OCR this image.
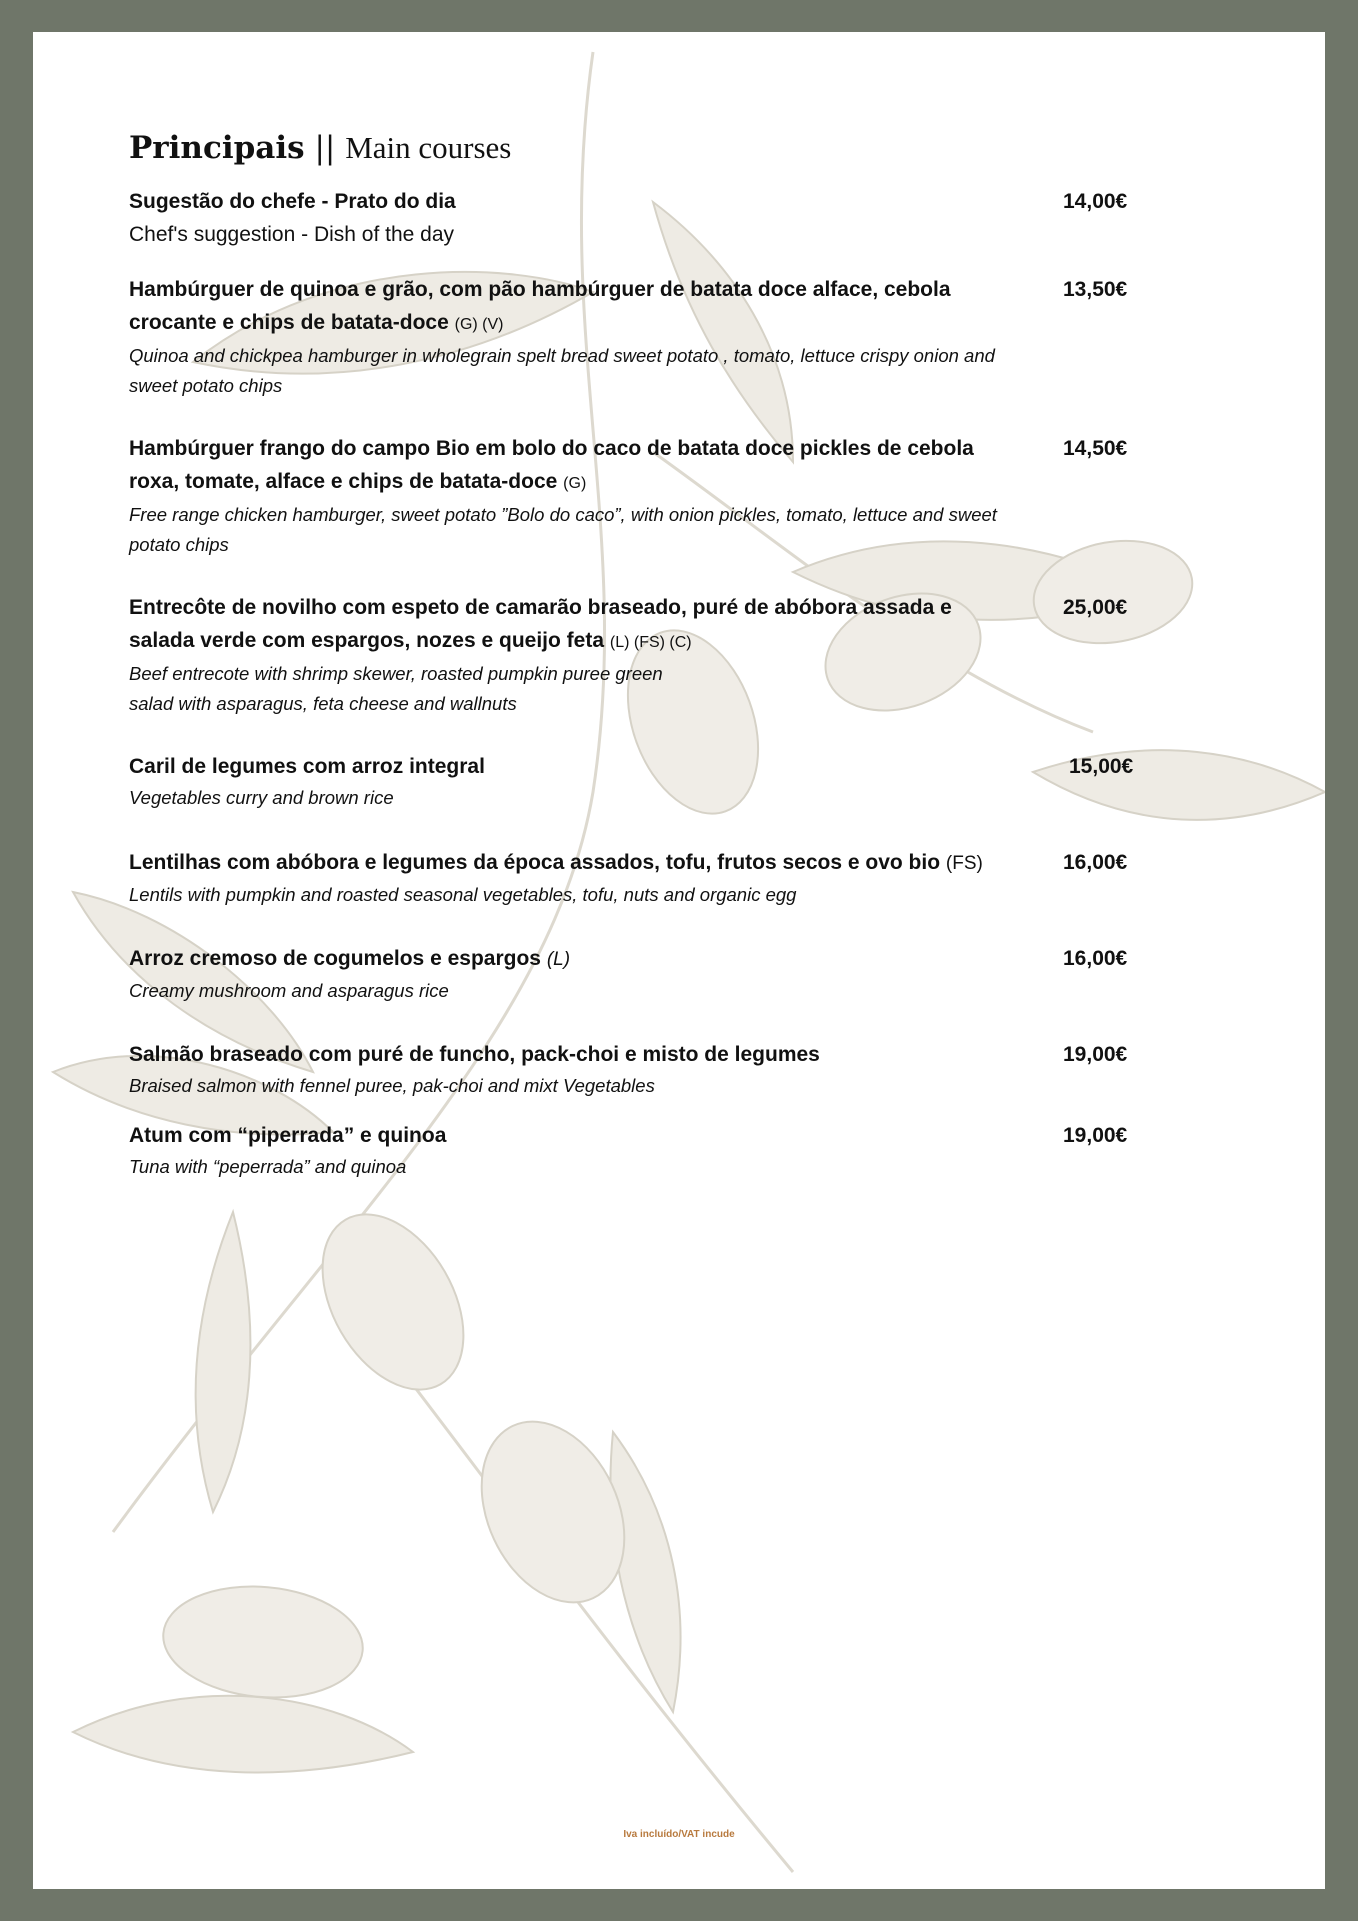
Principais || Main courses
Sugestão do chefe - Prato do dia
Chef's suggestion - Dish of the day
14,00€
Hambúrguer de quinoa e grão, com pão hambúrguer de batata doce alface, cebola crocante e chips de batata-doce (G) (V)
Quinoa and chickpea hamburger in wholegrain spelt bread sweet potato , tomato, lettuce crispy onion and sweet potato chips
13,50€
Hambúrguer frango do campo Bio em bolo do caco de batata doce pickles de cebola roxa, tomate, alface e chips de batata-doce (G)
Free range chicken hamburger, sweet potato ”Bolo do caco”, with onion pickles, tomato, lettuce and sweet potato chips
14,50€
Entrecôte de novilho com espeto de camarão braseado, puré de abóbora assada e salada verde com espargos, nozes e queijo feta (L) (FS) (C)
Beef entrecote with shrimp skewer, roasted pumpkin puree green salad with asparagus, feta cheese and wallnuts
25,00€
Caril de legumes com arroz integral
Vegetables curry and brown rice
15,00€
Lentilhas com abóbora e legumes da época assados, tofu, frutos secos e ovo bio (FS)
Lentils with pumpkin and roasted seasonal vegetables, tofu, nuts and organic egg
16,00€
Arroz cremoso de cogumelos e espargos (L)
Creamy mushroom and asparagus rice
16,00€
Salmão braseado com puré de funcho, pack-choi e misto de legumes
Braised salmon with fennel puree, pak-choi and mixt Vegetables
19,00€
Atum com “piperrada” e quinoa
Tuna with “peperrada” and quinoa
19,00€
Iva incluído/VAT incude
